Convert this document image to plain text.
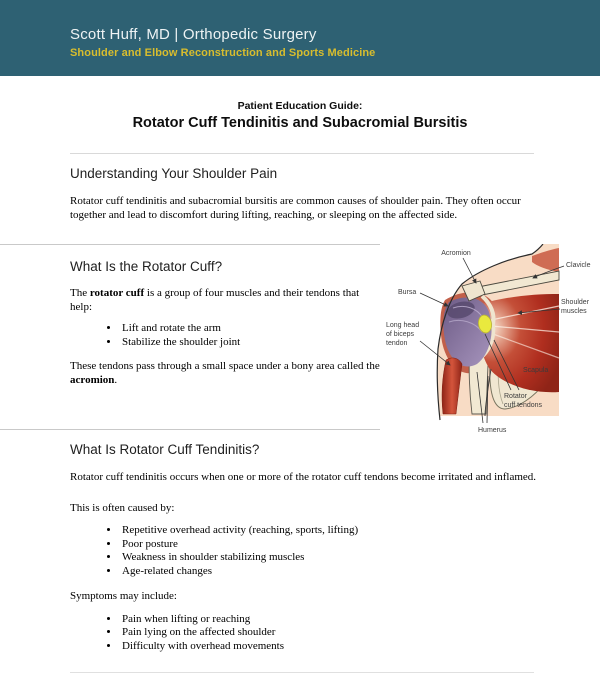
Scott Huff, MD | Orthopedic Surgery
Shoulder and Elbow Reconstruction and Sports Medicine
Patient Education Guide:
Rotator Cuff Tendinitis and Subacromial Bursitis
Understanding Your Shoulder Pain

Rotator cuff tendinitis and subacromial bursitis are common causes of shoulder pain. They often occur together and lead to discomfort during lifting, reaching, or sleeping on the affected side.

What Is the Rotator Cuff?

The rotator cuff is a group of four muscles and their tendons that help:

• Lift and rotate the arm
• Stabilize the shoulder joint

These tendons pass through a small space under a bony area called the acromion.

What Is Rotator Cuff Tendinitis?

Rotator cuff tendinitis occurs when one or more of the rotator cuff tendons become irritated and inflamed.

This is often caused by:

• Repetitive overhead activity (reaching, sports, lifting)
• Poor posture
• Weakness in shoulder stabilizing muscles
• Age-related changes

Symptoms may include:

• Pain when lifting or reaching
• Pain lying on the affected shoulder
• Difficulty with overhead movements
Acromion
Clavicle
Bursa
Shoulder
muscles
Long head
of biceps
tendon
Scapula
Rotator
cuff tendons
Humerus
